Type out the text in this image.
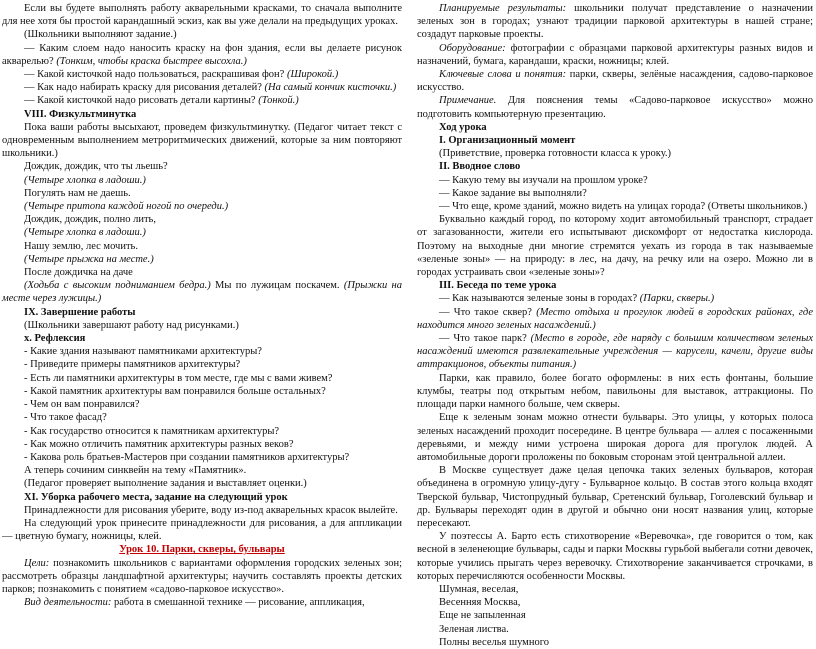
Если вы будете выполнять работу акварельными красками, то сначала выполните для нее хотя бы простой карандашный эскиз, как вы уже делали на предыдущих уроках.

(Школьники выполняют задание.)

— Каким слоем надо наносить краску на фон здания, если вы делаете рисунок акварелью? (Тонким, чтобы краска быстрее высохла.)

— Какой кисточкой надо пользоваться, раскрашивая фон? (Широкой.)

— Как надо набирать краску для рисования деталей? (На самый кончик кисточки.)

— Какой кисточкой надо рисовать детали картины? (Тонкой.)

VIII. Физкультминутка

Пока ваши работы высыхают, проведем физкультминутку. (Педагог читает текст с одновременным выполнением метроритмических движений, которые за ним повторяют школьники.)

Дождик, дождик, что ты льешь?

(Четыре хлопка в ладоши.)

Погулять нам не даешь.

(Четыре притопа каждой ногой по очереди.)

Дождик, дождик, полно лить,

(Четыре хлопка в ладоши.)

Нашу землю, лес мочить.

(Четыре прыжка на месте.)

После дождичка на даче

(Ходьба с высоким подниманием бедра.) Мы по лужицам поскачем. (Прыжки на месте через лужицы.)

IX. Завершение работы

(Школьники завершают работу над рисунками.)

x. Рефлексия

- Какие здания называют памятниками архитектуры?

- Приведите примеры памятников архитектуры?

- Есть ли памятники архитектуры в том месте, где мы с вами живем?

- Какой памятник архитектуры вам понравился больше остальных?

- Чем он вам понравился?

- Что такое фасад?

- Как государство относится к памятникам архитектуры?

- Как можно отличить памятник архитектуры разных веков?

- Какова роль братьев-Мастеров при создании памятников архитектуры?

А теперь сочиним синквейн на тему «Памятник».

(Педагог проверяет выполнение задания и выставляет оценки.)

XI. Уборка рабочего места, задание на следующий урок

Принадлежности для рисования уберите, воду из-под акварельных красок вылейте.

На следующий урок принесите принадлежности для рисования, а для аппликации — цветную бумагу, ножницы, клей.

Урок 10. Парки, скверы, бульвары

Цели: познакомить школьников с вариантами оформления городских зеленых зон; рассмотреть образцы ландшафтной архитектуры; научить составлять проекты детских парков; познакомить с понятием «садово-парковое искусство».

Вид деятельности: работа в смешанной технике — рисование, аппликация,

Планируемые результаты: школьники получат представление о назначении зеленых зон в городах; узнают традиции парковой архитектуры в нашей стране; создадут парковые проекты.

Оборудование: фотографии с образцами парковой архитектуры разных видов и назначений, бумага, карандаши, краски, ножницы; клей.

Ключевые слова и понятия: парки, скверы, зелёные насаждения, садово-парковое искусство.

Примечание. Для пояснения темы «Садово-парковое искусство» можно подготовить компьютерную презентацию.

Ход урока

I. Организационный момент

(Приветствие, проверка готовности класса к уроку.)

II. Вводное слово

— Какую тему вы изучали на прошлом уроке?

— Какое задание вы выполняли?

— Что еще, кроме зданий, можно видеть на улицах города? (Ответы школьников.)

Буквально каждый город, по которому ходит автомобильный транспорт, страдает от загазованности, жители его испытывают дискомфорт от недостатка кислорода. Поэтому на выходные дни многие стремятся уехать из города в так называемые «зеленые зоны» — на природу: в лес, на дачу, на речку или на озеро. Можно ли в городах устраивать свои «зеленые зоны»?

III. Беседа по теме урока

— Как называются зеленые зоны в городах? (Парки, скверы.)

— Что такое сквер? (Место отдыха и прогулок людей в городских районах, где находится много зеленых насаждений.)

— Что такое парк? (Место в городе, где наряду с большим количеством зеленых насаждений имеются развлекательные учреждения — карусели, качели, другие виды аттракционов, объекты питания.)

Парки, как правило, более богато оформлены: в них есть фонтаны, большие клумбы, театры под открытым небом, павильоны для выставок, аттракционы. По площади парки намного больше, чем скверы.

Еще к зеленым зонам можно отнести бульвары. Это улицы, у которых полоса зеленых насаждений проходит посередине. В центре бульвара — аллея с посаженными деревьями, и между ними устроена широкая дорога для прогулок людей. А автомобильные дороги проложены по боковым сторонам этой центральной аллеи.

В Москве существует даже целая цепочка таких зеленых бульваров, которая объединена в огромную улицу-дугу - Бульварное кольцо. В состав этого кольца входят Тверской бульвар, Чистопрудный бульвар, Сретенский бульвар, Гоголевский бульвар и др. Бульвары переходят один в другой и обычно они носят названия улиц, которые пересекают.

У поэтессы А. Барто есть стихотворение «Веревочка», где говорится о том, как весной в зеленеющие бульвары, сады и парки Москвы гурьбой выбегали сотни девочек, которые учились прыгать через веревочку. Стихотворение заканчивается строчками, в которых перечисляются особенности Москвы.

Шумная, веселая,

Весенняя Москва,

Еще не запыленная

Зеленая листва.

Полны веселья шумного
